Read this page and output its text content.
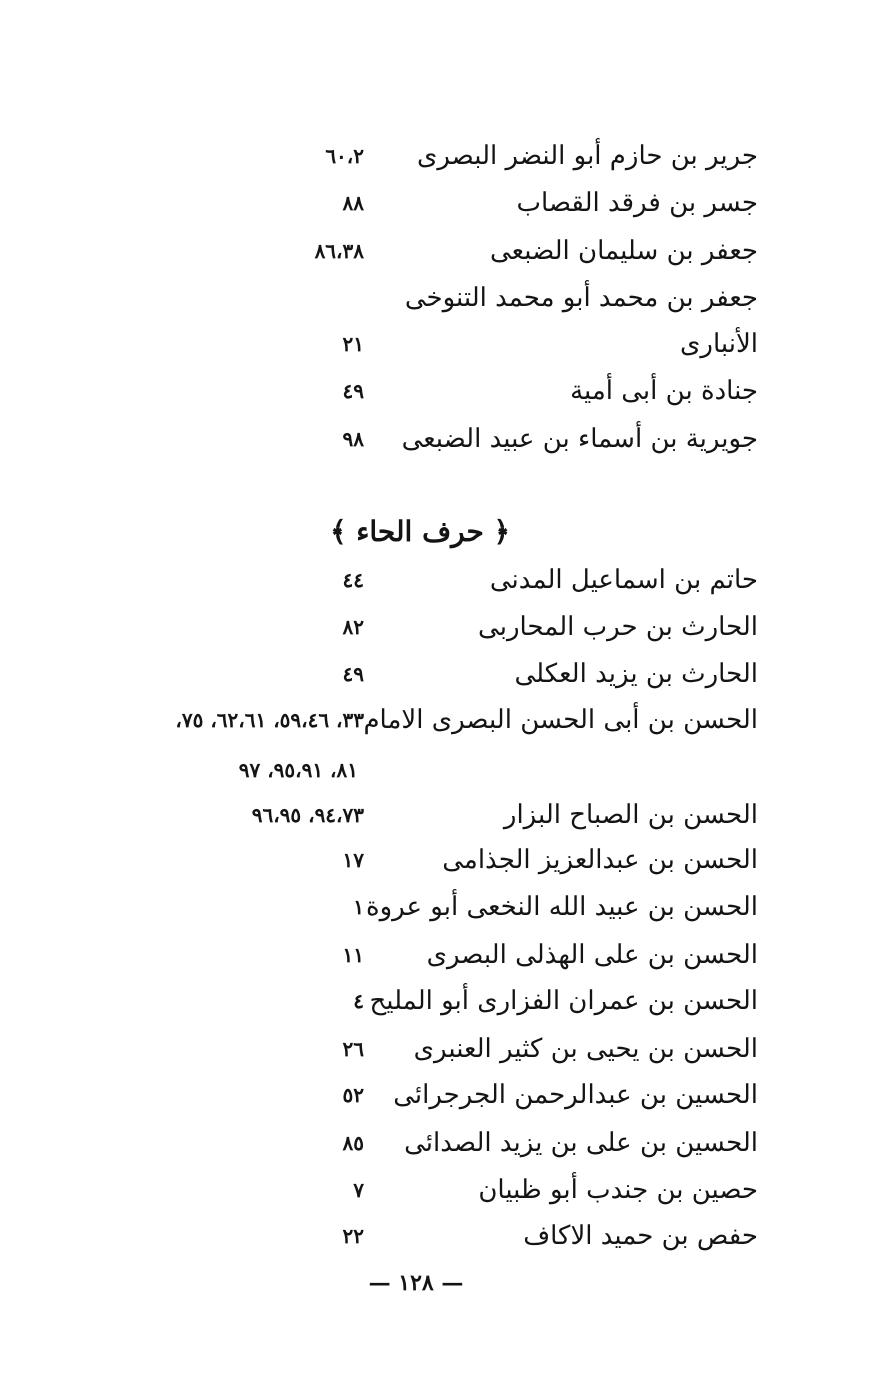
جرير بن حازم أبو النضر البصرى
٦٠،٢
جسر بن فرقد القصاب
٨٨
جعفر بن سليمان الضبعى
٨٦،٣٨
جعفر بن محمد أبو محمد التنوخى
الأنبارى
٢١
جنادة بن أبى أمية
٤٩
جويرية بن أسماء بن عبيد الضبعى
٩٨
﴿ حرف الحاء ﴾
حاتم بن اسماعيل المدنى
٤٤
الحارث بن حرب المحاربى
٨٢
الحارث بن يزيد العكلى
٤٩
الحسن بن أبى الحسن البصرى الامام
٣٣، ٥٩،٤٦، ٦٢،٦١، ٧٥،
٨١، ٩٥،٩١، ٩٧
الحسن بن الصباح البزار
٩٤،٧٣، ٩٦،٩٥
الحسن بن عبدالعزيز الجذامى
١٧
الحسن بن عبيد الله النخعى أبو عروة
١
الحسن بن على الهذلى البصرى
١١
الحسن بن عمران الفزارى أبو المليح
٤
الحسن بن يحيى بن كثير العنبرى
٢٦
الحسين بن عبدالرحمن الجرجرائى
٥٢
الحسين بن على بن يزيد الصدائى
٨٥
حصين بن جندب أبو ظبيان
٧
حفص بن حميد الاكاف
٢٢
— ١٢٨ —
